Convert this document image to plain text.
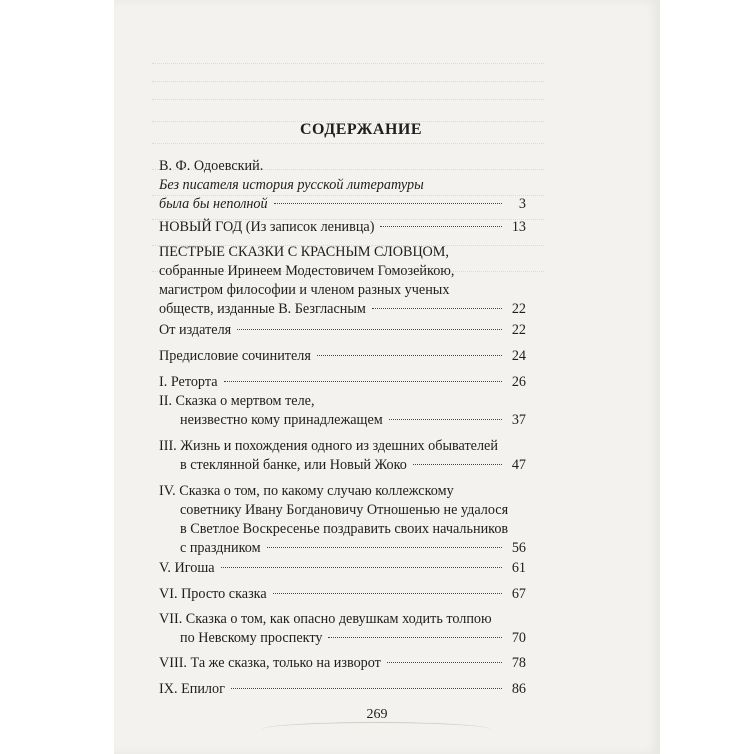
СОДЕРЖАНИЕ
В. Ф. Одоевский.
Без писателя история русской литературы
была бы неполной	3
НОВЫЙ ГОД (Из записок ленивца)	13
ПЕСТРЫЕ СКАЗКИ С КРАСНЫМ СЛОВЦОМ,
собранные Иринеем Модестовичем Гомозейкою,
магистром философии и членом разных ученых
обществ, изданные В. Безгласным	22
От издателя	22
Предисловие сочинителя	24
I. Реторта	26
II. Сказка о мертвом теле,
неизвестно кому принадлежащем	37
III. Жизнь и похождения одного из здешних обывателей
в стеклянной банке, или Новый Жоко	47
IV. Сказка о том, по какому случаю коллежскому
советнику Ивану Богдановичу Отношенью не удалося
в Светлое Воскресенье поздравить своих начальников
с праздником	56
V. Игоша	61
VI. Просто сказка	67
VII. Сказка о том, как опасно девушкам ходить толпою
по Невскому проспекту	70
VIII. Та же сказка, только на изворот	78
IX. Епилог	86
269
